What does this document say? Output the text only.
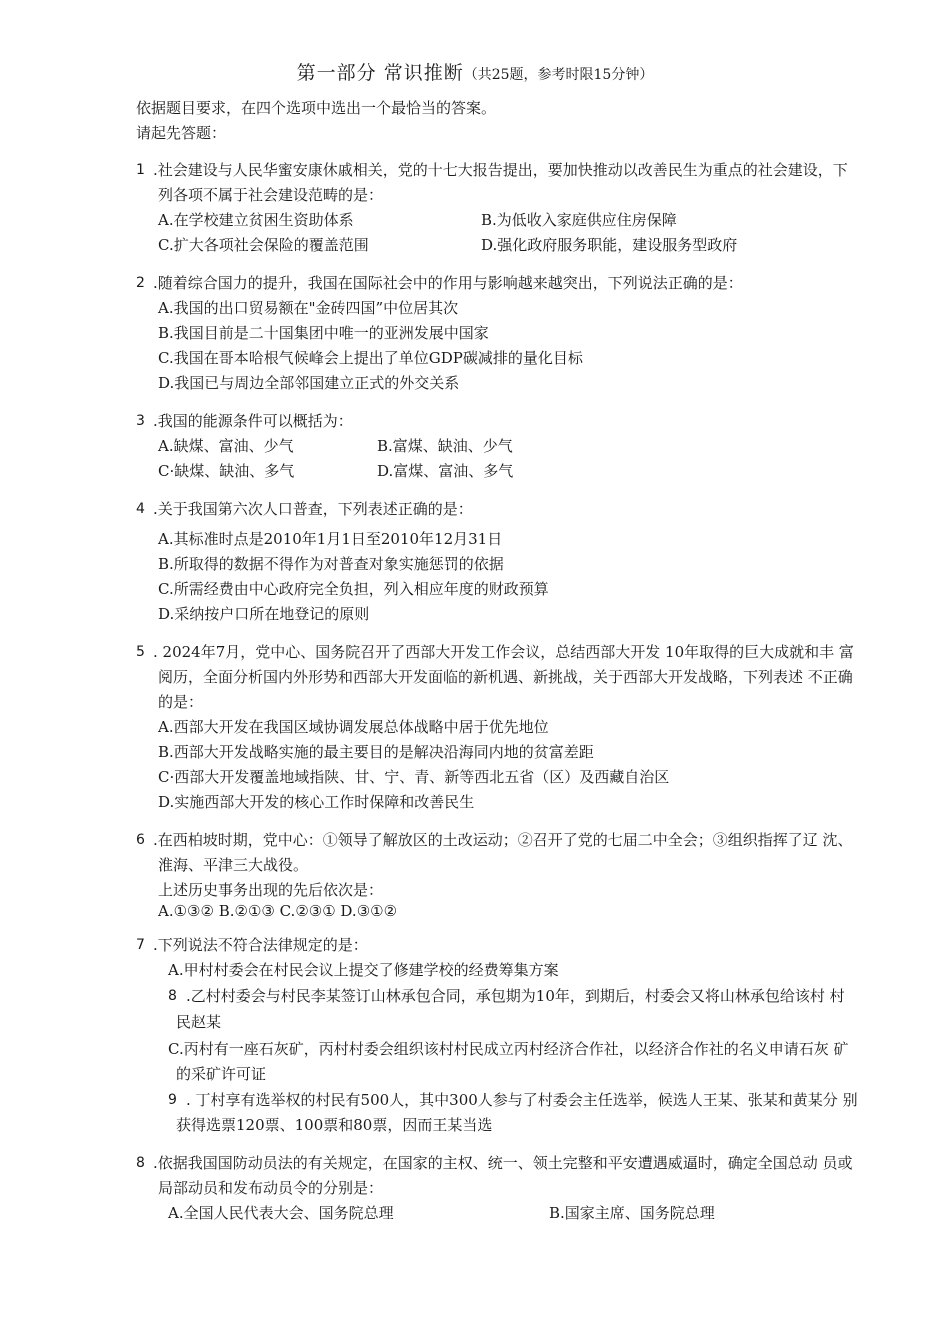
第一部分 常识推断（共25题，参考时限15分钟）
依据题目要求，在四个选项中选出一个最恰当的答案。
请起先答题：
1 .社会建设与人民华蜜安康休戚相关，党的十七大报告提出，要加快推动以改善民生为重点的社会建设，下
列各项不属于社会建设范畴的是：
A.在学校建立贫困生资助体系	B.为低收入家庭供应住房保障
C.扩大各项社会保险的覆盖范围	D.强化政府服务职能，建设服务型政府
2 .随着综合国力的提升，我国在国际社会中的作用与影响越来越突出，下列说法正确的是：
A.我国的出口贸易额在"金砖四国”中位居其次
B.我国目前是二十国集团中唯一的亚洲发展中国家
C.我国在哥本哈根气候峰会上提出了单位GDP碳减排的量化目标
D.我国已与周边全部邻国建立正式的外交关系
3 .我国的能源条件可以概括为：
A.缺煤、富油、少气	B.富煤、缺油、少气
C·缺煤、缺油、多气	D.富煤、富油、多气
4 .关于我国第六次人口普查，下列表述正确的是：
A.其标准时点是2010年1月1日至2010年12月31日
B.所取得的数据不得作为对普查对象实施惩罚的依据
C.所需经费由中心政府完全负担，列入相应年度的财政预算
D.采纳按户口所在地登记的原则
5 . 2024年7月，党中心、国务院召开了西部大开发工作会议，总结西部大开发 10年取得的巨大成就和丰 富
阅历，全面分析国内外形势和西部大开发面临的新机遇、新挑战，关于西部大开发战略，下列表述 不正确
的是：
A.西部大开发在我国区域协调发展总体战略中居于优先地位
B.西部大开发战略实施的最主要目的是解决沿海同内地的贫富差距
C·西部大开发覆盖地域指陕、甘、宁、青、新等西北五省（区）及西藏自治区
D.实施西部大开发的核心工作时保障和改善民生
6 .在西柏坡时期，党中心：①领导了解放区的土改运动；②召开了党的七届二中全会；③组织指挥了辽 沈、
淮海、平津三大战役。
上述历史事务出现的先后依次是：
A.①③② B.②①③ C.②③① D.③①②
7 .下列说法不符合法律规定的是：
A.甲村村委会在村民会议上提交了修建学校的经费筹集方案
8 .乙村村委会与村民李某签订山林承包合同，承包期为10年，到期后，村委会又将山林承包给该村 村
民赵某
C.丙村有一座石灰矿，丙村村委会组织该村村民成立丙村经济合作社，以经济合作社的名义申请石灰 矿
的采矿许可证
9 . 丁村享有选举权的村民有500人，其中300人参与了村委会主任选举，候选人王某、张某和黄某分 别
获得选票120票、100票和80票，因而王某当选
8 .依据我国国防动员法的有关规定，在国家的主权、统一、领土完整和平安遭遇威逼时，确定全国总动 员或
局部动员和发布动员令的分别是：
A.全国人民代表大会、国务院总理	B.国家主席、国务院总理
